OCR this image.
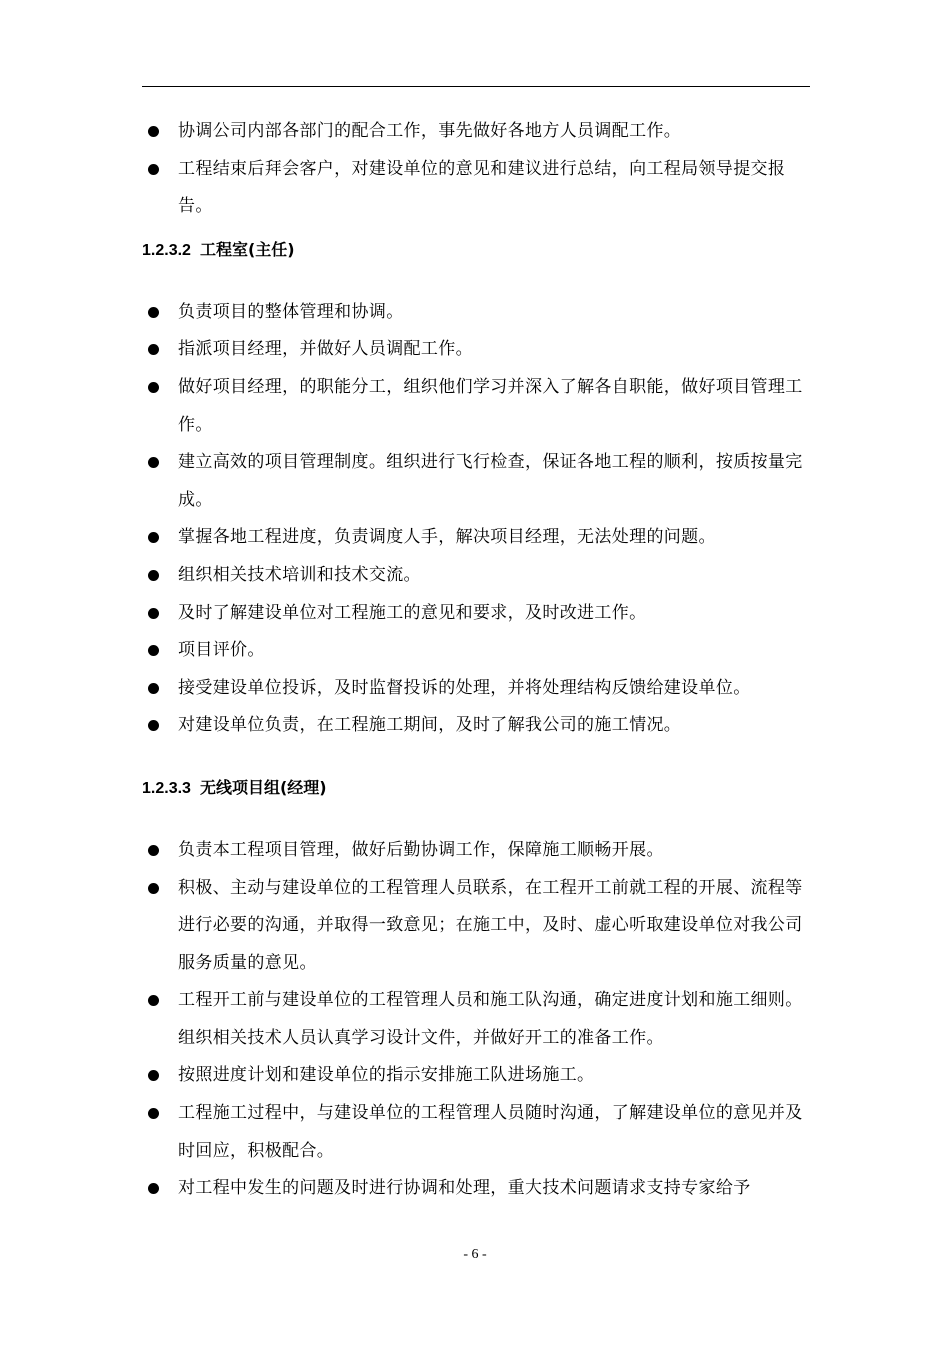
协调公司内部各部门的配合工作，事先做好各地方人员调配工作。
工程结束后拜会客户，对建设单位的意见和建议进行总结，向工程局领导提交报告。
1.2.3.2 工程室(主任)
负责项目的整体管理和协调。
指派项目经理，并做好人员调配工作。
做好项目经理，的职能分工，组织他们学习并深入了解各自职能，做好项目管理工作。
建立高效的项目管理制度。组织进行飞行检查，保证各地工程的顺利，按质按量完成。
掌握各地工程进度，负责调度人手，解决项目经理，无法处理的问题。
组织相关技术培训和技术交流。
及时了解建设单位对工程施工的意见和要求，及时改进工作。
项目评价。
接受建设单位投诉，及时监督投诉的处理，并将处理结构反馈给建设单位。
对建设单位负责，在工程施工期间，及时了解我公司的施工情况。
1.2.3.3 无线项目组(经理)
负责本工程项目管理，做好后勤协调工作，保障施工顺畅开展。
积极、主动与建设单位的工程管理人员联系，在工程开工前就工程的开展、流程等进行必要的沟通，并取得一致意见；在施工中，及时、虚心听取建设单位对我公司服务质量的意见。
工程开工前与建设单位的工程管理人员和施工队沟通，确定进度计划和施工细则。组织相关技术人员认真学习设计文件，并做好开工的准备工作。
按照进度计划和建设单位的指示安排施工队进场施工。
工程施工过程中，与建设单位的工程管理人员随时沟通，了解建设单位的意见并及时回应，积极配合。
对工程中发生的问题及时进行协调和处理，重大技术问题请求支持专家给予
- 6 -
